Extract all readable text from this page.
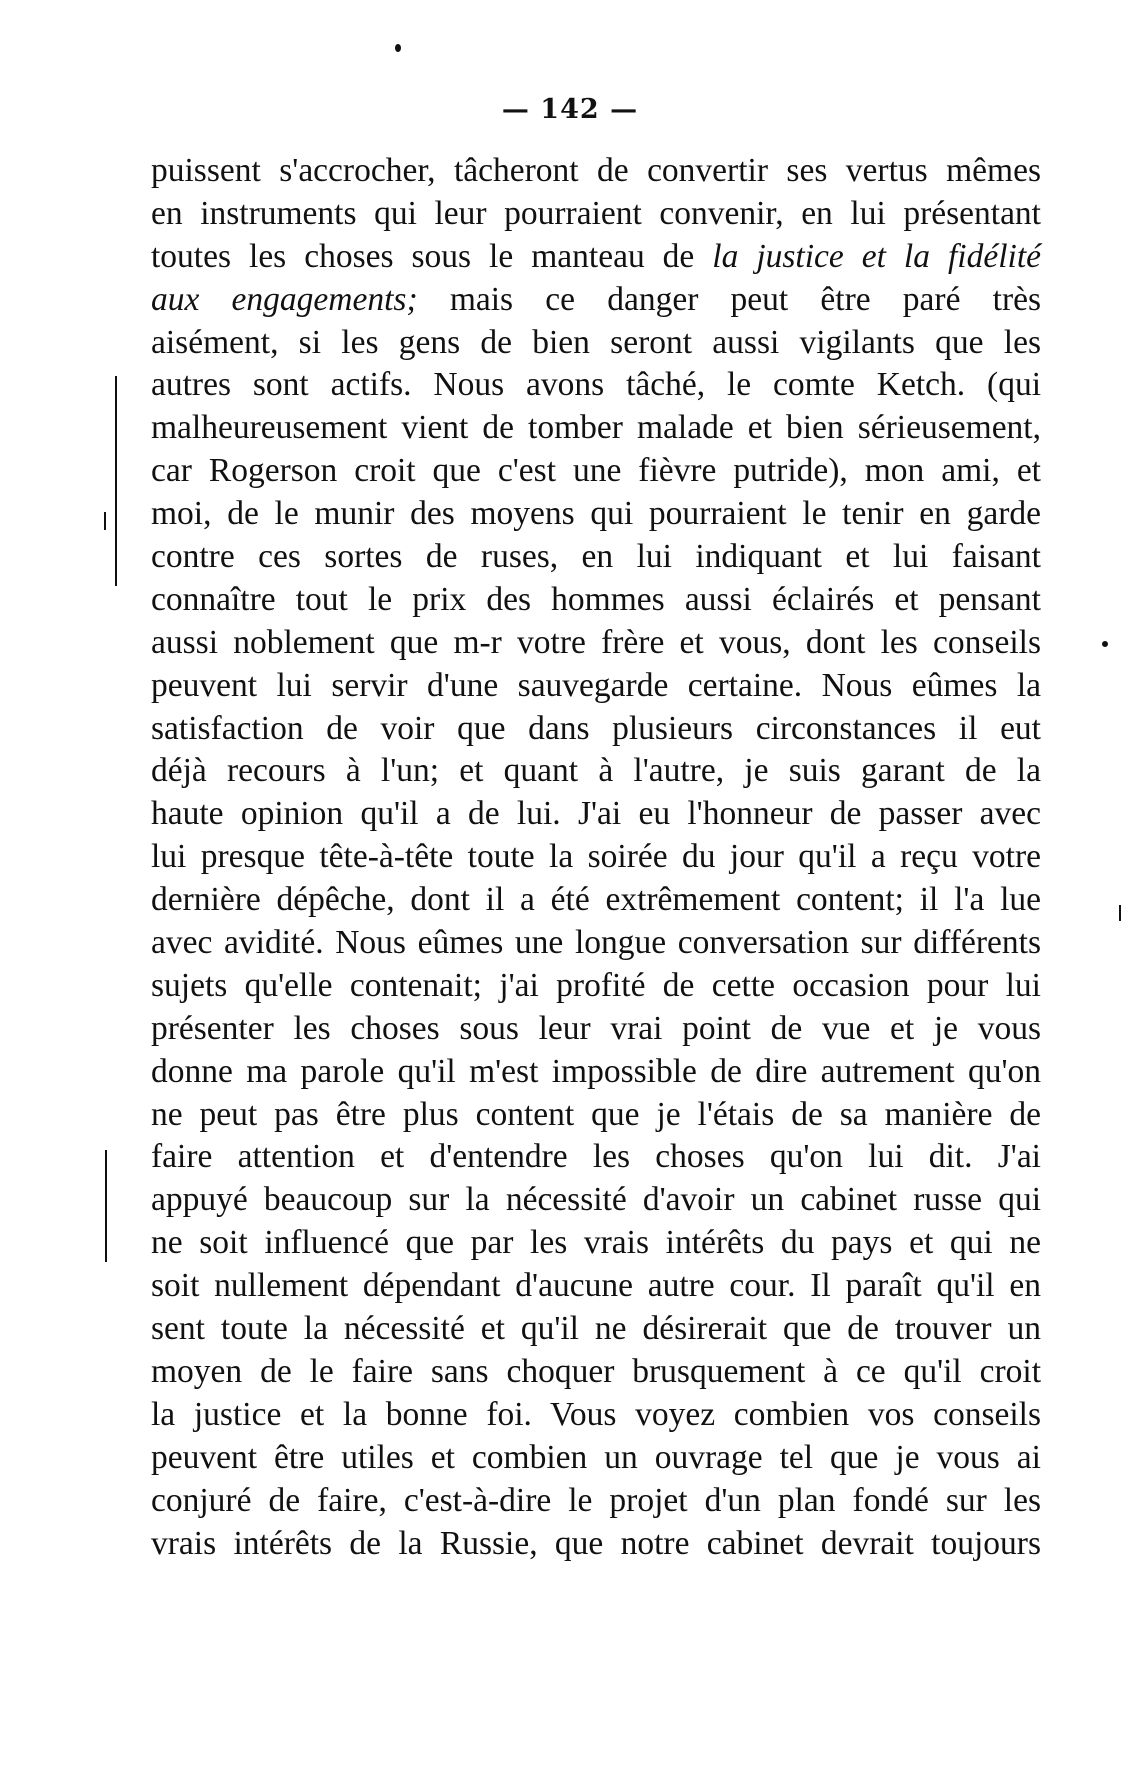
— 142 —
puissent s'accrocher, tâcheront de convertir ses vertus mêmes
en instruments qui leur pourraient convenir, en lui présentant
toutes les choses sous le manteau de la justice et la fidélité
aux engagements; mais ce danger peut être paré très
aisément, si les gens de bien seront aussi vigilants que les
autres sont actifs. Nous avons tâché, le comte Ketch. (qui
malheureusement vient de tomber malade et bien sérieusement,
car Rogerson croit que c'est une fièvre putride), mon ami, et
moi, de le munir des moyens qui pourraient le tenir en garde
contre ces sortes de ruses, en lui indiquant et lui faisant
connaître tout le prix des hommes aussi éclairés et pensant
aussi noblement que m-r votre frère et vous, dont les conseils
peuvent lui servir d'une sauvegarde certaine. Nous eûmes la
satisfaction de voir que dans plusieurs circonstances il eut
déjà recours à l'un; et quant à l'autre, je suis garant de la
haute opinion qu'il a de lui. J'ai eu l'honneur de passer avec
lui presque tête-à-tête toute la soirée du jour qu'il a reçu votre
dernière dépêche, dont il a été extrêmement content; il l'a lue
avec avidité. Nous eûmes une longue conversation sur différents
sujets qu'elle contenait; j'ai profité de cette occasion pour lui
présenter les choses sous leur vrai point de vue et je vous
donne ma parole qu'il m'est impossible de dire autrement qu'on
ne peut pas être plus content que je l'étais de sa manière de
faire attention et d'entendre les choses qu'on lui dit. J'ai
appuyé beaucoup sur la nécessité d'avoir un cabinet russe qui
ne soit influencé que par les vrais intérêts du pays et qui ne
soit nullement dépendant d'aucune autre cour. Il paraît qu'il en
sent toute la nécessité et qu'il ne désirerait que de trouver un
moyen de le faire sans choquer brusquement à ce qu'il croit
la justice et la bonne foi. Vous voyez combien vos conseils
peuvent être utiles et combien un ouvrage tel que je vous ai
conjuré de faire, c'est-à-dire le projet d'un plan fondé sur les
vrais intérêts de la Russie, que notre cabinet devrait toujours
